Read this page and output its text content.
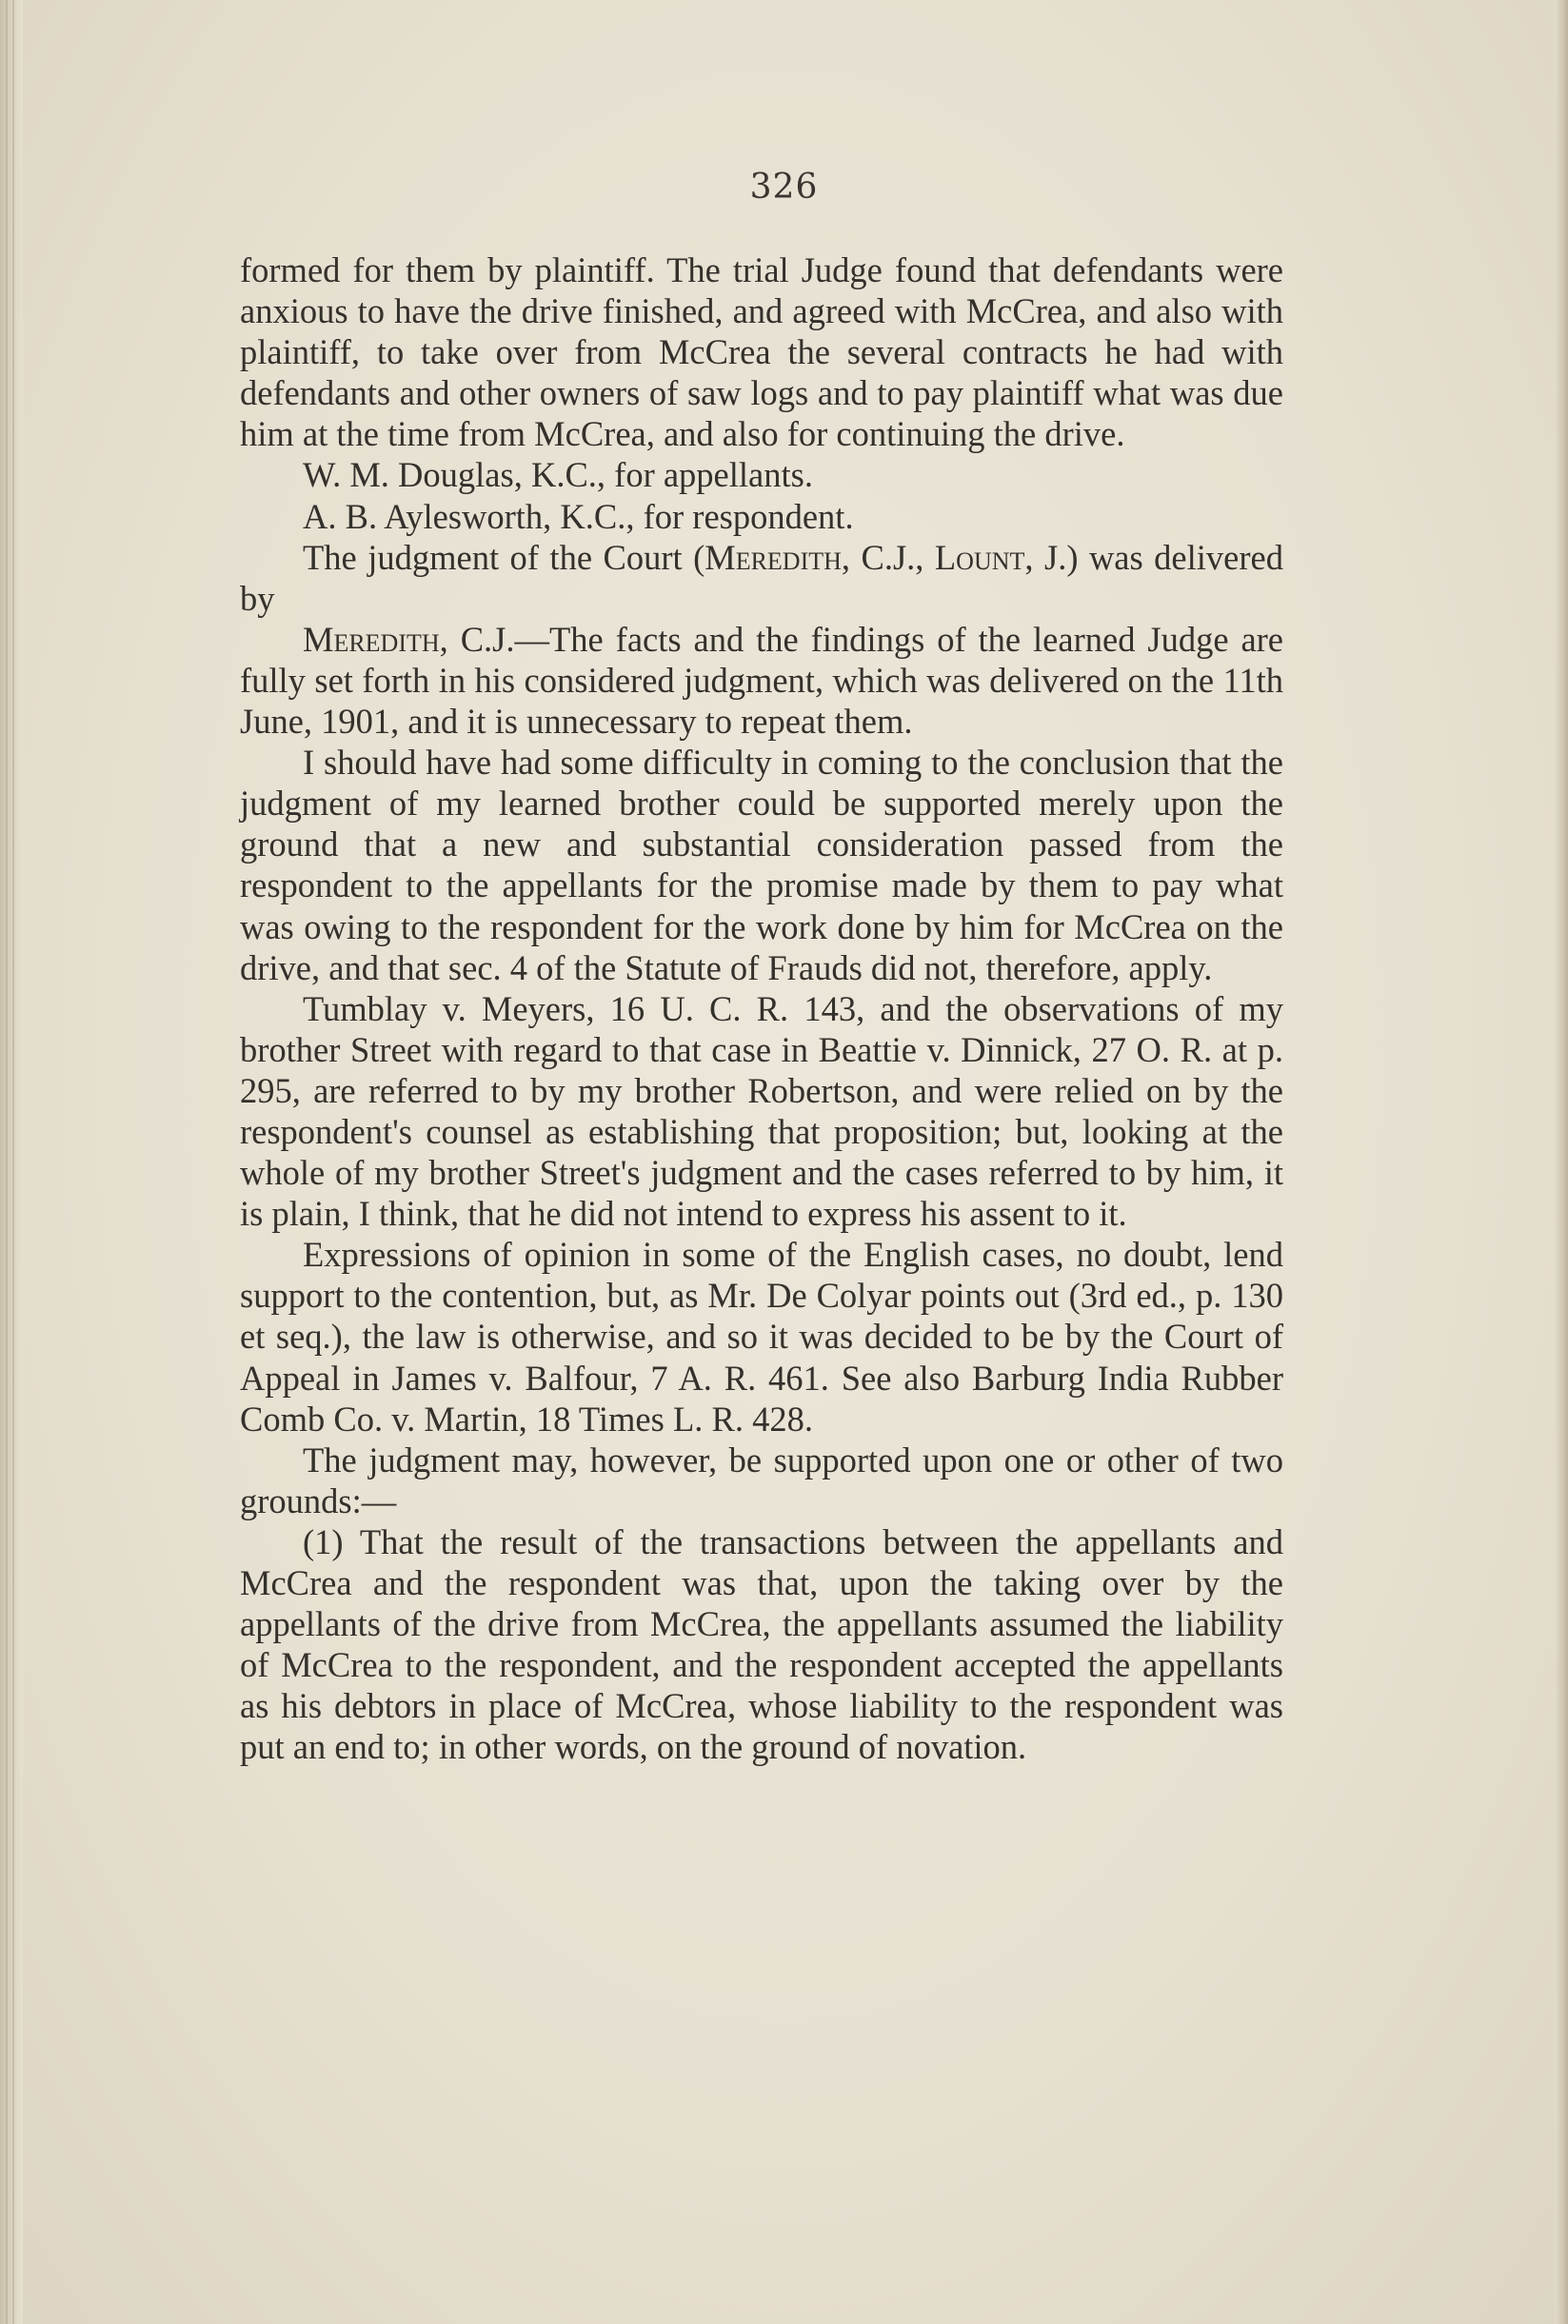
326

formed for them by plaintiff. The trial Judge found that defendants were anxious to have the drive finished, and agreed with McCrea, and also with plaintiff, to take over from McCrea the several contracts he had with defendants and other owners of saw logs and to pay plaintiff what was due him at the time from McCrea, and also for continuing the drive.

W. M. Douglas, K.C., for appellants.

A. B. Aylesworth, K.C., for respondent.

The judgment of the Court (Meredith, C.J., Lount, J.) was delivered by

Meredith, C.J.—The facts and the findings of the learned Judge are fully set forth in his considered judgment, which was delivered on the 11th June, 1901, and it is unnecessary to repeat them.

I should have had some difficulty in coming to the conclusion that the judgment of my learned brother could be supported merely upon the ground that a new and substantial consideration passed from the respondent to the appellants for the promise made by them to pay what was owing to the respondent for the work done by him for McCrea on the drive, and that sec. 4 of the Statute of Frauds did not, therefore, apply.

Tumblay v. Meyers, 16 U. C. R. 143, and the observations of my brother Street with regard to that case in Beattie v. Dinnick, 27 O. R. at p. 295, are referred to by my brother Robertson, and were relied on by the respondent's counsel as establishing that proposition; but, looking at the whole of my brother Street's judgment and the cases referred to by him, it is plain, I think, that he did not intend to express his assent to it.

Expressions of opinion in some of the English cases, no doubt, lend support to the contention, but, as Mr. De Colyar points out (3rd ed., p. 130 et seq.), the law is otherwise, and so it was decided to be by the Court of Appeal in James v. Balfour, 7 A. R. 461. See also Barburg India Rubber Comb Co. v. Martin, 18 Times L. R. 428.

The judgment may, however, be supported upon one or other of two grounds:—

(1) That the result of the transactions between the appellants and McCrea and the respondent was that, upon the taking over by the appellants of the drive from McCrea, the appellants assumed the liability of McCrea to the respondent, and the respondent accepted the appellants as his debtors in place of McCrea, whose liability to the respondent was put an end to; in other words, on the ground of novation.
